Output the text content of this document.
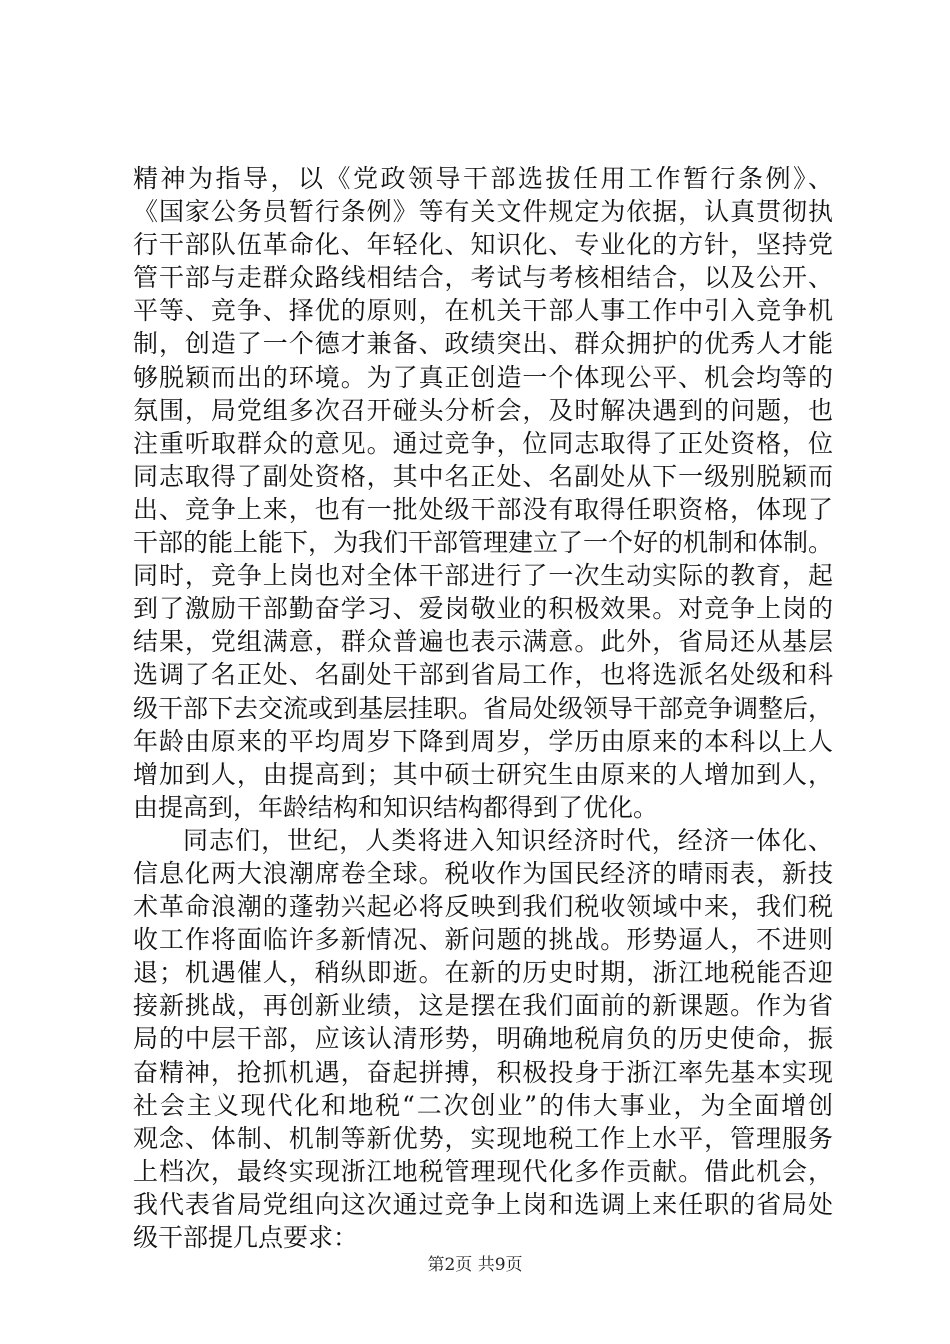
精神为指导，以《党政领导干部选拔任用工作暂行条例》、
《国家公务员暂行条例》等有关文件规定为依据，认真贯彻执
行干部队伍革命化、年轻化、知识化、专业化的方针，坚持党
管干部与走群众路线相结合，考试与考核相结合，以及公开、
平等、竞争、择优的原则，在机关干部人事工作中引入竞争机
制，创造了一个德才兼备、政绩突出、群众拥护的优秀人才能
够脱颖而出的环境。为了真正创造一个体现公平、机会均等的
氛围，局党组多次召开碰头分析会，及时解决遇到的问题，也
注重听取群众的意见。通过竞争，位同志取得了正处资格，位
同志取得了副处资格，其中名正处、名副处从下一级别脱颖而
出、竞争上来，也有一批处级干部没有取得任职资格，体现了
干部的能上能下，为我们干部管理建立了一个好的机制和体制。
同时，竞争上岗也对全体干部进行了一次生动实际的教育，起
到了激励干部勤奋学习、爱岗敬业的积极效果。对竞争上岗的
结果，党组满意，群众普遍也表示满意。此外，省局还从基层
选调了名正处、名副处干部到省局工作，也将选派名处级和科
级干部下去交流或到基层挂职。省局处级领导干部竞争调整后，
年龄由原来的平均周岁下降到周岁，学历由原来的本科以上人
增加到人，由提高到；其中硕士研究生由原来的人增加到人，
由提高到，年龄结构和知识结构都得到了优化。
同志们，世纪，人类将进入知识经济时代，经济一体化、
信息化两大浪潮席卷全球。税收作为国民经济的晴雨表，新技
术革命浪潮的蓬勃兴起必将反映到我们税收领域中来，我们税
收工作将面临许多新情况、新问题的挑战。形势逼人，不进则
退；机遇催人，稍纵即逝。在新的历史时期，浙江地税能否迎
接新挑战，再创新业绩，这是摆在我们面前的新课题。作为省
局的中层干部，应该认清形势，明确地税肩负的历史使命，振
奋精神，抢抓机遇，奋起拼搏，积极投身于浙江率先基本实现
社会主义现代化和地税“二次创业”的伟大事业，为全面增创
观念、体制、机制等新优势，实现地税工作上水平，管理服务
上档次，最终实现浙江地税管理现代化多作贡献。借此机会，
我代表省局党组向这次通过竞争上岗和选调上来任职的省局处
级干部提几点要求：
第2页 共9页
